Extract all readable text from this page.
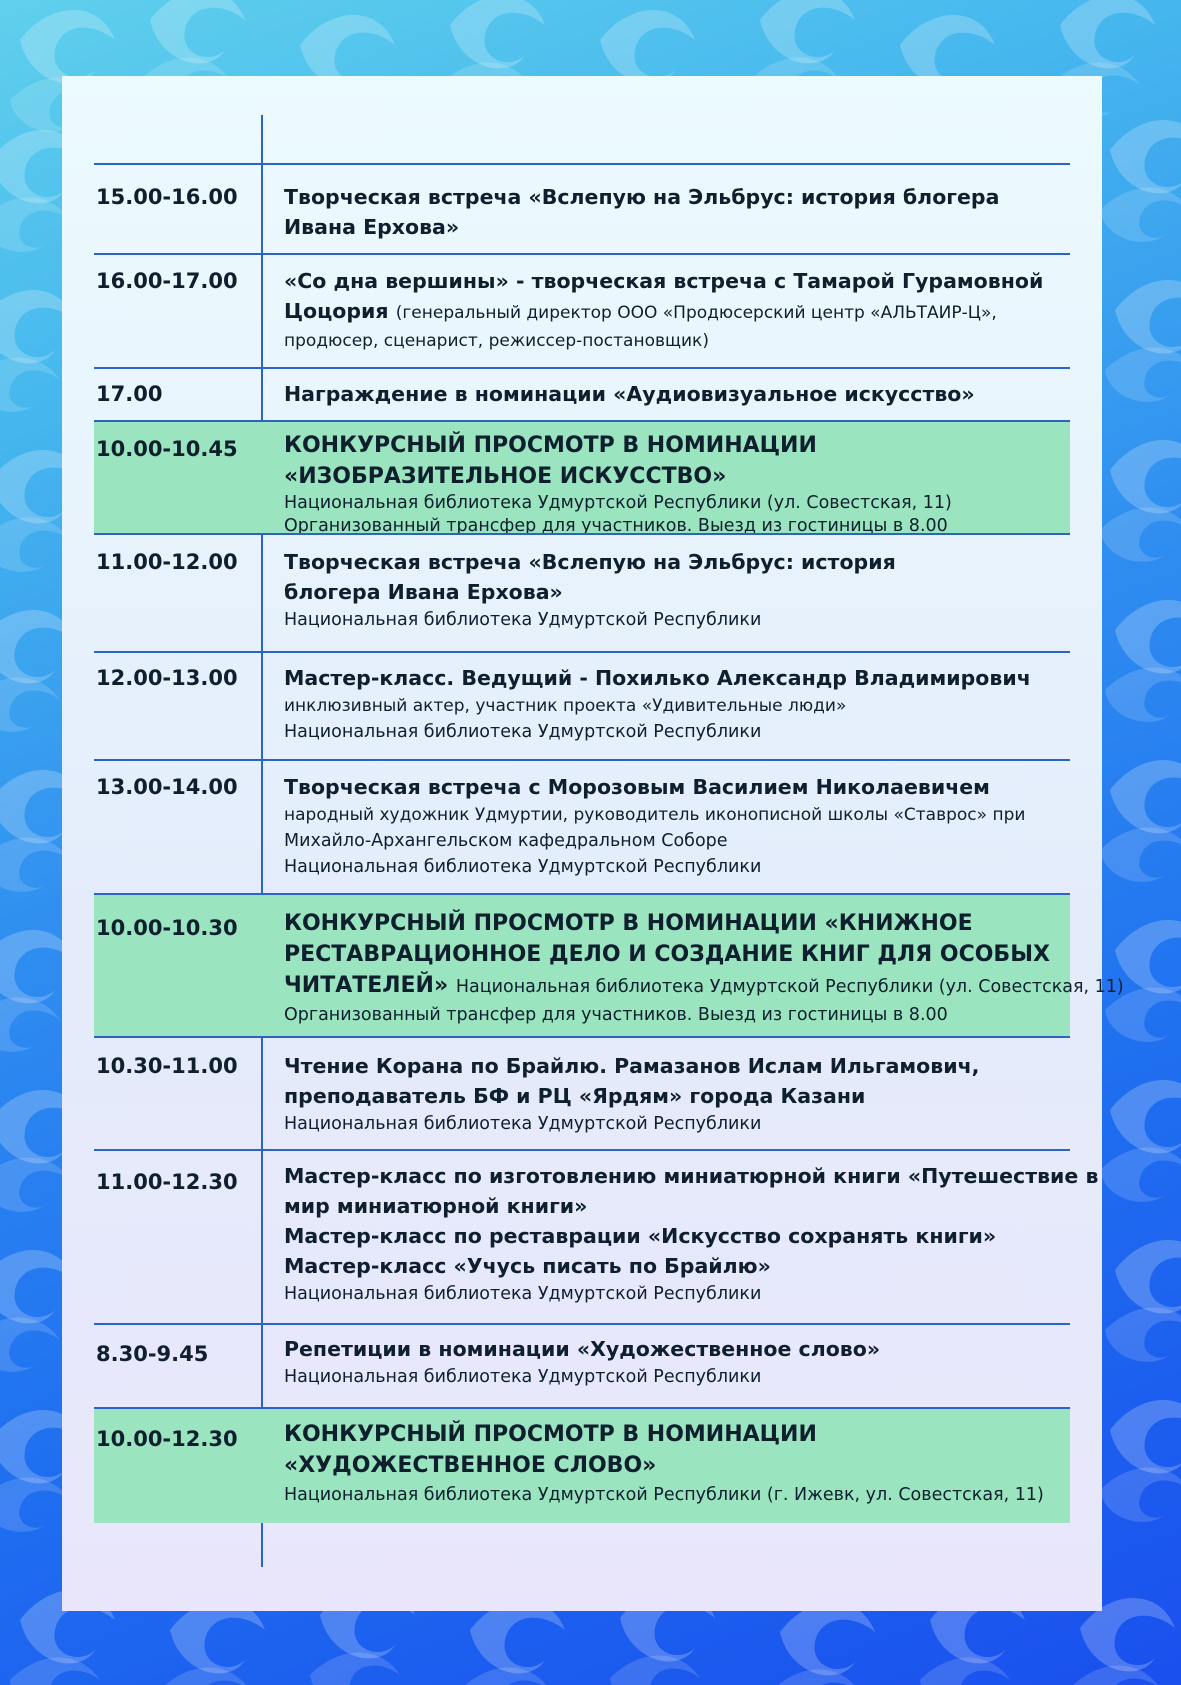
15.00-16.00	Творческая встреча «Вслепую на Эльбрус: история блогера
Ивана Ерхова»
16.00-17.00	«Со дна вершины» - творческая встреча с Тамарой Гурамовной
Цоцория (генеральный директор ООО «Продюсерский центр «АЛЬТАИР-Ц»,
продюсер, сценарист, режиссер-постановщик)
17.00	Награждение в номинации «Аудиовизуальное искусство»
10.00-10.45	КОНКУРСНЫЙ ПРОСМОТР В НОМИНАЦИИ
«ИЗОБРАЗИТЕЛЬНОЕ ИСКУССТВО»
Национальная библиотека Удмуртской Республики (ул. Совестская, 11)
Организованный трансфер для участников. Выезд из гостиницы в 8.00
11.00-12.00	Творческая встреча «Вслепую на Эльбрус: история
блогера Ивана Ерхова»
Национальная библиотека Удмуртской Республики
12.00-13.00	Мастер-класс. Ведущий - Похилько Александр Владимирович
инклюзивный актер, участник проекта «Удивительные люди»
Национальная библиотека Удмуртской Республики
13.00-14.00	Творческая встреча с Морозовым Василием Николаевичем
народный художник Удмуртии, руководитель иконописной школы «Ставрос» при
Михайло-Архангельском кафедральном Соборе
Национальная библиотека Удмуртской Республики
10.00-10.30	КОНКУРСНЫЙ ПРОСМОТР В НОМИНАЦИИ «КНИЖНОЕ
РЕСТАВРАЦИОННОЕ ДЕЛО И СОЗДАНИЕ КНИГ ДЛЯ ОСОБЫХ
ЧИТАТЕЛЕЙ» Национальная библиотека Удмуртской Республики (ул. Совестская, 11)
Организованный трансфер для участников. Выезд из гостиницы в 8.00
10.30-11.00	Чтение Корана по Брайлю. Рамазанов Ислам Ильгамович,
преподаватель БФ и РЦ «Ярдям» города Казани
Национальная библиотека Удмуртской Республики
11.00-12.30	Мастер-класс по изготовлению миниатюрной книги «Путешествие в
мир миниатюрной книги»
Мастер-класс по реставрации «Искусство сохранять книги»
Мастер-класс «Учусь писать по Брайлю»
Национальная библиотека Удмуртской Республики
8.30-9.45	Репетиции в номинации «Художественное слово»
Национальная библиотека Удмуртской Республики
10.00-12.30	КОНКУРСНЫЙ ПРОСМОТР В НОМИНАЦИИ
«ХУДОЖЕСТВЕННОЕ СЛОВО»
Национальная библиотека Удмуртской Республики (г. Ижевк, ул. Совестская, 11)
